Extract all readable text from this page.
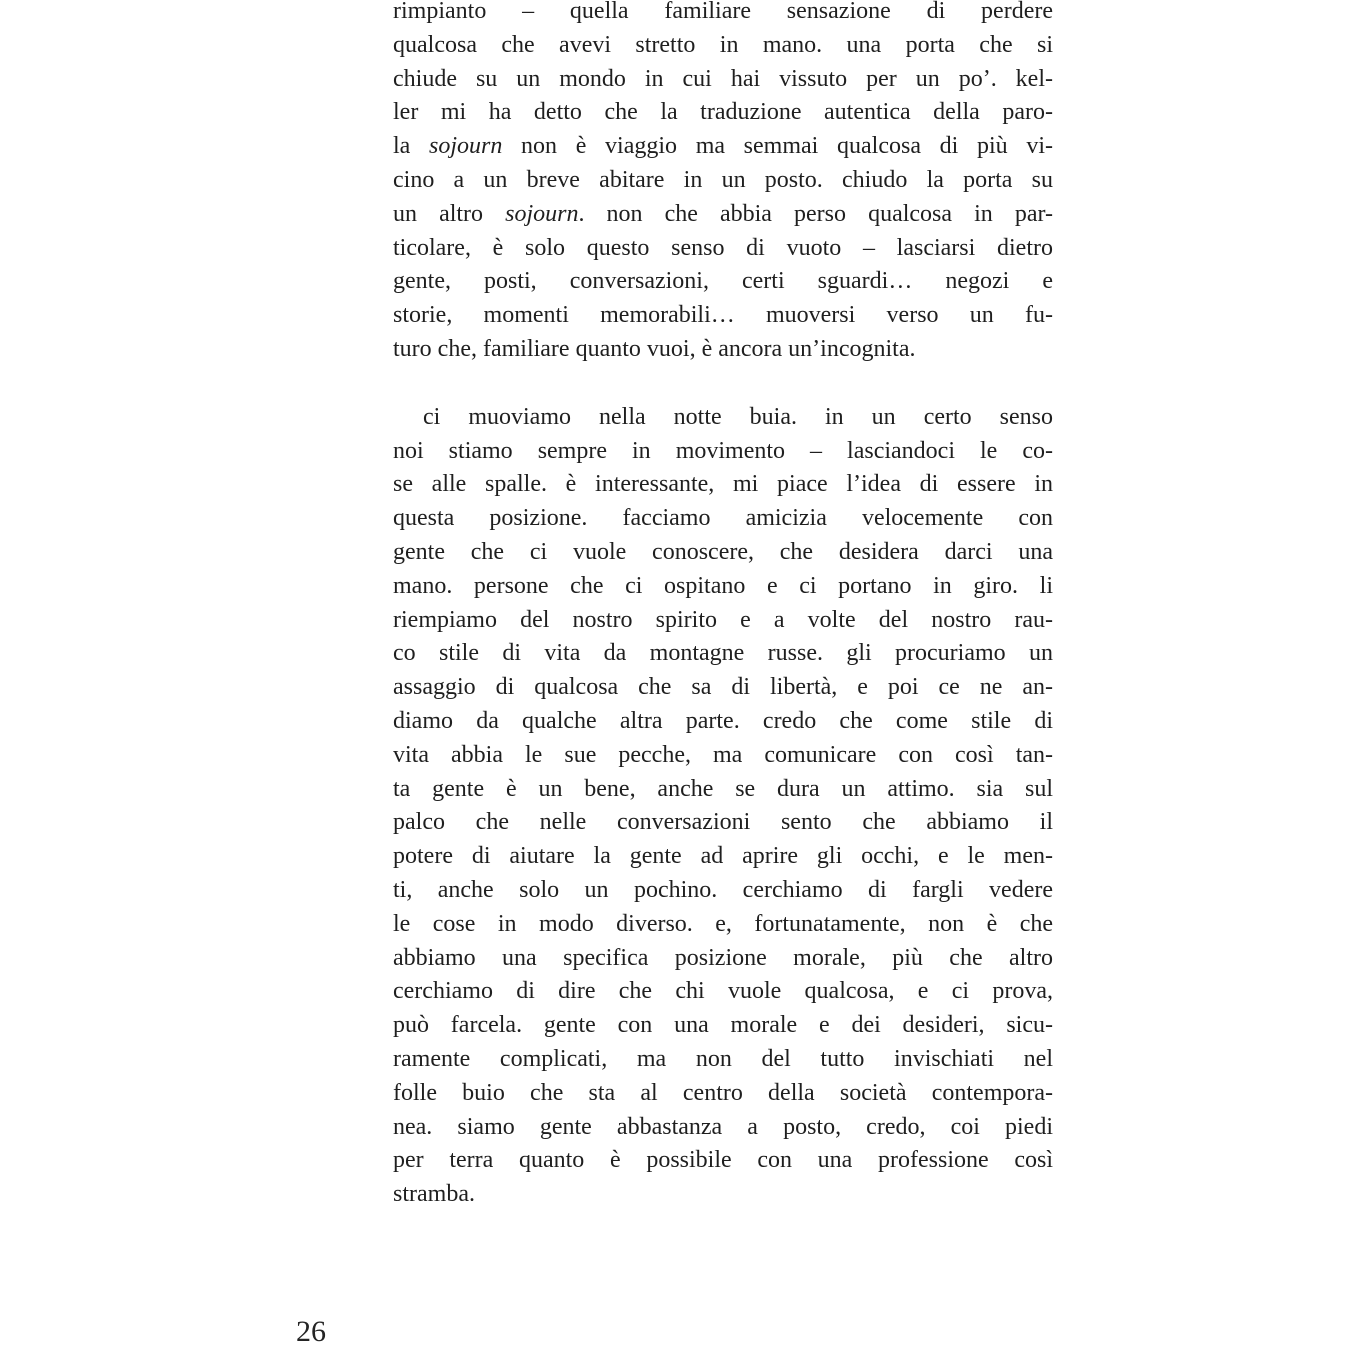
rimpianto – quella familiare sensazione di perdere
qualcosa che avevi stretto in mano. una porta che si
chiude su un mondo in cui hai vissuto per un po’. kel-
ler mi ha detto che la traduzione autentica della paro-
la sojourn non è viaggio ma semmai qualcosa di più vi-
cino a un breve abitare in un posto. chiudo la porta su
un altro sojourn. non che abbia perso qualcosa in par-
ticolare, è solo questo senso di vuoto – lasciarsi dietro
gente, posti, conversazioni, certi sguardi… negozi e
storie, momenti memorabili… muoversi verso un fu-
turo che, familiare quanto vuoi, è ancora un’incognita.
ci muoviamo nella notte buia. in un certo senso
noi stiamo sempre in movimento – lasciandoci le co-
se alle spalle. è interessante, mi piace l’idea di essere in
questa posizione. facciamo amicizia velocemente con
gente che ci vuole conoscere, che desidera darci una
mano. persone che ci ospitano e ci portano in giro. li
riempiamo del nostro spirito e a volte del nostro rau-
co stile di vita da montagne russe. gli procuriamo un
assaggio di qualcosa che sa di libertà, e poi ce ne an-
diamo da qualche altra parte. credo che come stile di
vita abbia le sue pecche, ma comunicare con così tan-
ta gente è un bene, anche se dura un attimo. sia sul
palco che nelle conversazioni sento che abbiamo il
potere di aiutare la gente ad aprire gli occhi, e le men-
ti, anche solo un pochino. cerchiamo di fargli vedere
le cose in modo diverso. e, fortunatamente, non è che
abbiamo una specifica posizione morale, più che altro
cerchiamo di dire che chi vuole qualcosa, e ci prova,
può farcela. gente con una morale e dei desideri, sicu-
ramente complicati, ma non del tutto invischiati nel
folle buio che sta al centro della società contempora-
nea. siamo gente abbastanza a posto, credo, coi piedi
per terra quanto è possibile con una professione così
stramba.
26
